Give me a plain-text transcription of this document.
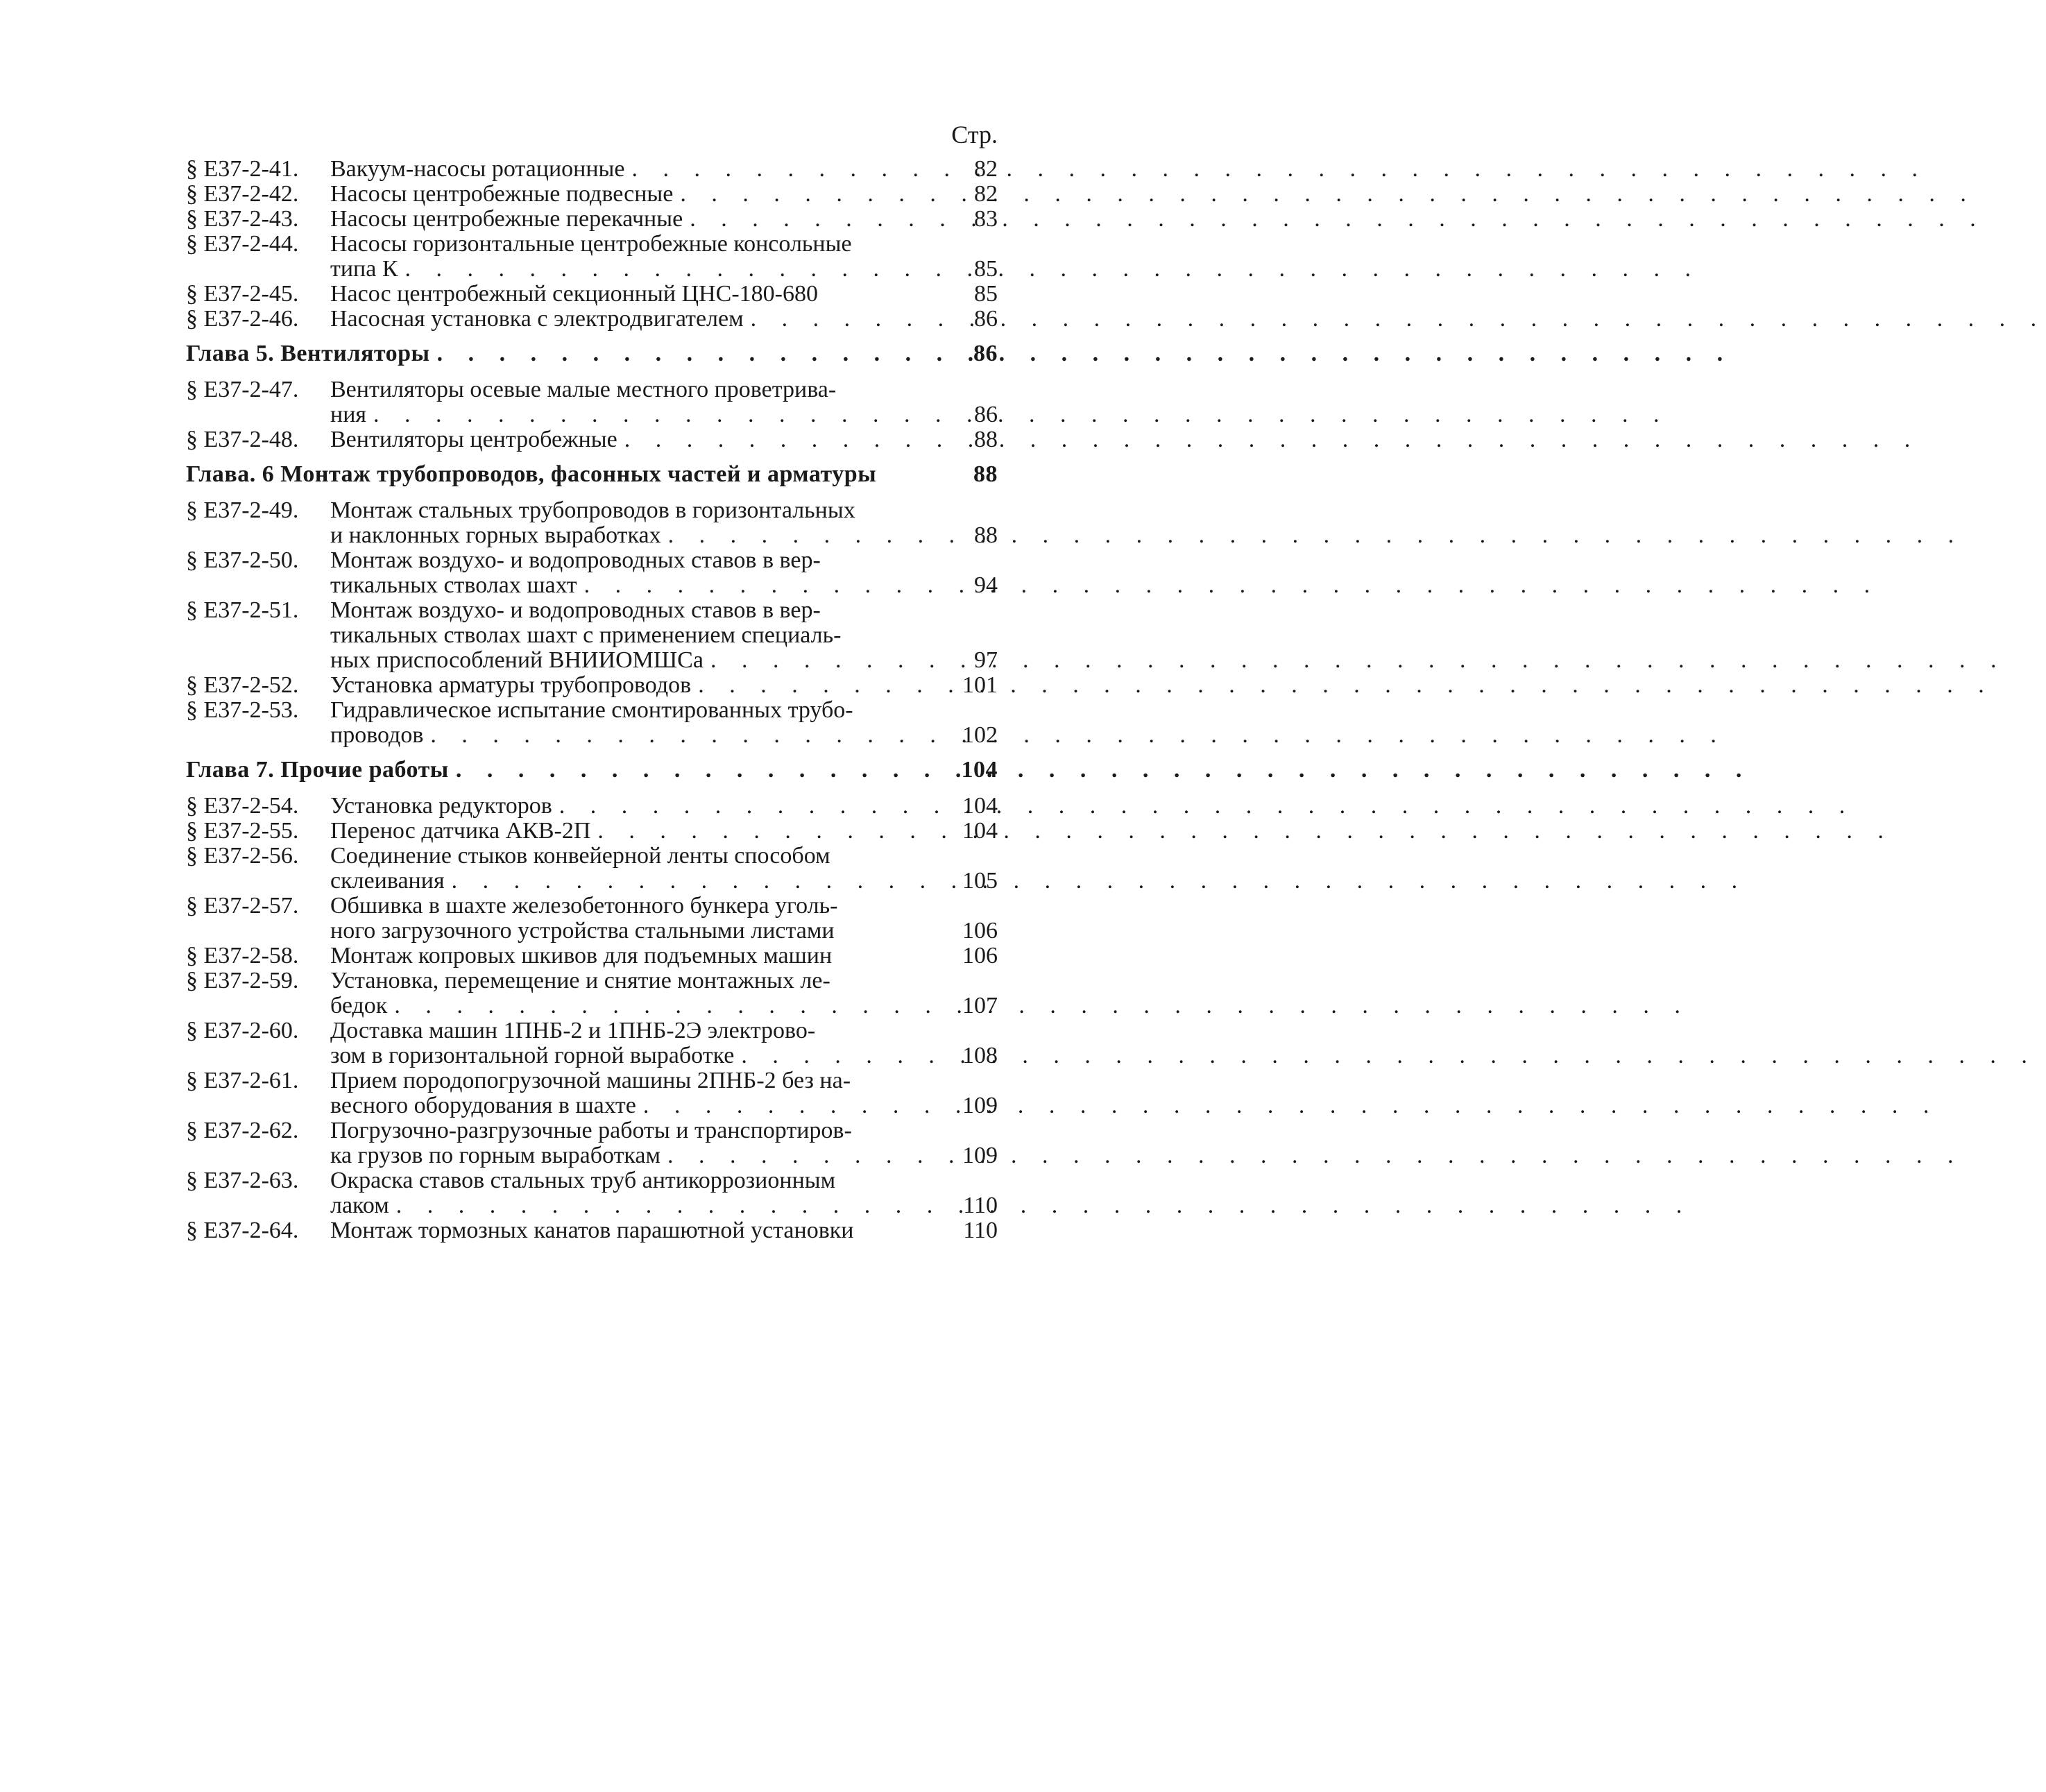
Стр.
§ Е37-2-41.	Вакуум-насосы ротационные . . .	82
§ Е37-2-42.	Насосы центробежные подвесные . . .	82
§ Е37-2-43.	Насосы центробежные перекачные . . .	83
§ Е37-2-44.	Насосы горизонтальные центробежные консольные
типа К . . .	85
§ Е37-2-45.	Насос центробежный секционный ЦНС-180-680	85
§ Е37-2-46.	Насосная установка с электродвигателем . . .	86
Глава 5. Вентиляторы . . .	86
§ Е37-2-47.	Вентиляторы осевые малые местного проветрива-
ния . . .	86
§ Е37-2-48.	Вентиляторы центробежные . . .	88
Глава. 6 Монтаж трубопроводов, фасонных частей и арматуры	88
§ Е37-2-49.	Монтаж стальных трубопроводов в горизонтальных
и наклонных горных выработках . . .	88
§ Е37-2-50.	Монтаж воздухо- и водопроводных ставов в вер-
тикальных стволах шахт . . .	94
§ Е37-2-51.	Монтаж воздухо- и водопроводных ставов в вер-
тикальных стволах шахт с применением специаль-
ных приспособлений ВНИИОМШСа . . .	97
§ Е37-2-52.	Установка арматуры трубопроводов . . .	101
§ Е37-2-53.	Гидравлическое испытание смонтированных трубо-
проводов . . .	102
Глава 7. Прочие работы . . .	104
§ Е37-2-54.	Установка редукторов . . .	104
§ Е37-2-55.	Перенос датчика АКВ-2П . . .	104
§ Е37-2-56.	Соединение стыков конвейерной ленты способом
склеивания . . .	105
§ Е37-2-57.	Обшивка в шахте железобетонного бункера уголь-
ного загрузочного устройства стальными листами	106
§ Е37-2-58.	Монтаж копровых шкивов для подъемных машин	106
§ Е37-2-59.	Установка, перемещение и снятие монтажных ле-
бедок . . .	107
§ Е37-2-60.	Доставка машин 1ПНБ-2 и 1ПНБ-2Э электрово-
зом в горизонтальной горной выработке . . .	108
§ Е37-2-61.	Прием породопогрузочной машины 2ПНБ-2 без на-
весного оборудования в шахте . . .	109
§ Е37-2-62.	Погрузочно-разгрузочные работы и транспортиров-
ка грузов по горным выработкам . . .	109
§ Е37-2-63.	Окраска ставов стальных труб антикоррозионным
лаком . . .	110
§ Е37-2-64.	Монтаж тормозных канатов парашютной установки	110
